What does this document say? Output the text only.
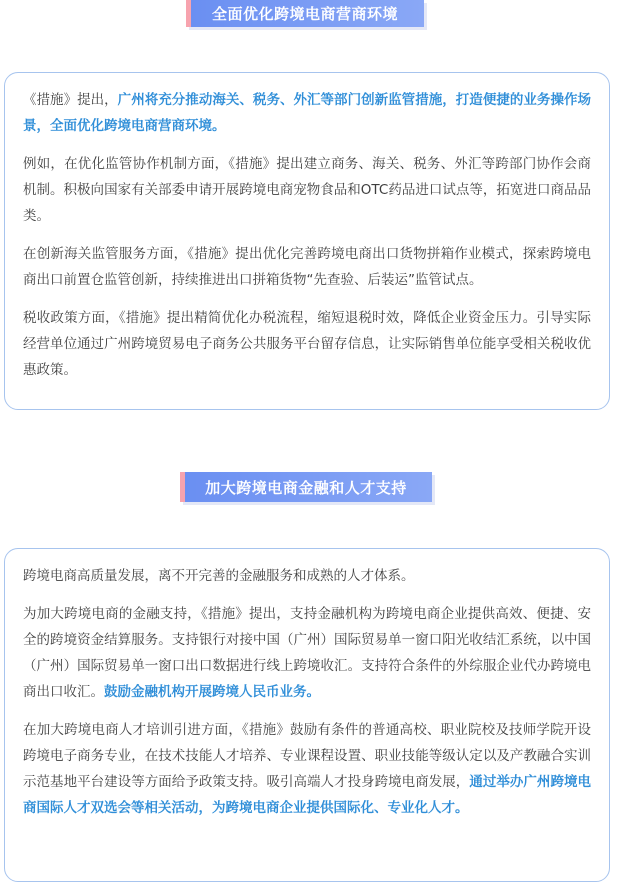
全面优化跨境电商营商环境

《措施》提出，广州将充分推动海关、税务、外汇等部门创新监管措施，打造便捷的业务操作场景，全面优化跨境电商营商环境。

例如，在优化监管协作机制方面，《措施》提出建立商务、海关、税务、外汇等跨部门协作会商机制。积极向国家有关部委申请开展跨境电商宠物食品和OTC药品进口试点等，拓宽进口商品品类。

在创新海关监管服务方面，《措施》提出优化完善跨境电商出口货物拼箱作业模式，探索跨境电商出口前置仓监管创新，持续推进出口拼箱货物“先查验、后装运”监管试点。

税收政策方面，《措施》提出精简优化办税流程，缩短退税时效，降低企业资金压力。引导实际经营单位通过广州跨境贸易电子商务公共服务平台留存信息，让实际销售单位能享受相关税收优惠政策。

加大跨境电商金融和人才支持

跨境电商高质量发展，离不开完善的金融服务和成熟的人才体系。

为加大跨境电商的金融支持，《措施》提出，支持金融机构为跨境电商企业提供高效、便捷、安全的跨境资金结算服务。支持银行对接中国（广州）国际贸易单一窗口阳光收结汇系统，以中国（广州）国际贸易单一窗口出口数据进行线上跨境收汇。支持符合条件的外综服企业代办跨境电商出口收汇。鼓励金融机构开展跨境人民币业务。

在加大跨境电商人才培训引进方面，《措施》鼓励有条件的普通高校、职业院校及技师学院开设跨境电子商务专业，在技术技能人才培养、专业课程设置、职业技能等级认定以及产教融合实训示范基地平台建设等方面给予政策支持。吸引高端人才投身跨境电商发展，通过举办广州跨境电商国际人才双选会等相关活动，为跨境电商企业提供国际化、专业化人才。
